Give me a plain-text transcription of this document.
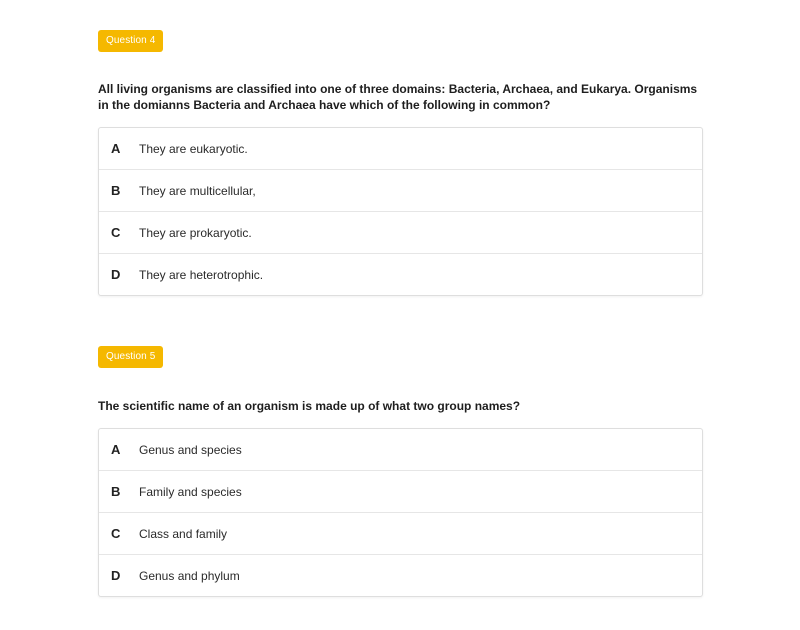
Question 4

All living organisms are classified into one of three domains: Bacteria, Archaea, and Eukarya. Organisms in the domianns Bacteria and Archaea have which of the following in common?

A	They are eukaryotic.
B	They are multicellular,
C	They are prokaryotic.
D	They are heterotrophic.
Question 5

The scientific name of an organism is made up of what two group names?

A	Genus and species
B	Family and species
C	Class and family
D	Genus and phylum
